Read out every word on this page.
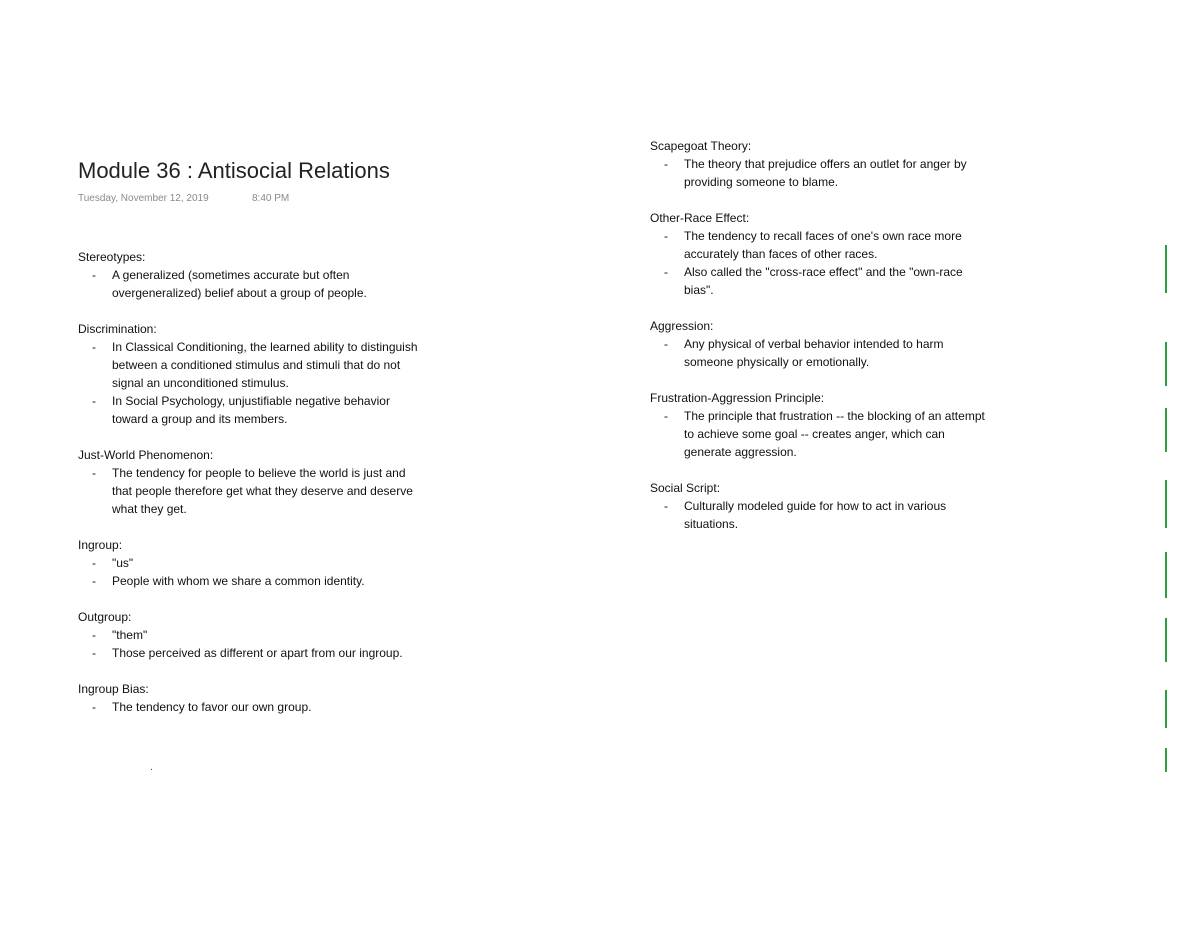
Module 36 : Antisocial Relations
Tuesday, November 12, 2019	8:40 PM
Stereotypes:
- A generalized (sometimes accurate but often overgeneralized) belief about a group of people.
Discrimination:
- In Classical Conditioning, the learned ability to distinguish between a conditioned stimulus and stimuli that do not signal an unconditioned stimulus.
- In Social Psychology, unjustifiable negative behavior toward a group and its members.
Just-World Phenomenon:
- The tendency for people to believe the world is just and that people therefore get what they deserve and deserve what they get.
Ingroup:
- "us"
- People with whom we share a common identity.
Outgroup:
- "them"
- Those perceived as different or apart from our ingroup.
Ingroup Bias:
- The tendency to favor our own group.
Scapegoat Theory:
- The theory that prejudice offers an outlet for anger by providing someone to blame.
Other-Race Effect:
- The tendency to recall faces of one's own race more accurately than faces of other races.
- Also called the "cross-race effect" and the "own-race bias".
Aggression:
- Any physical of verbal behavior intended to harm someone physically or emotionally.
Frustration-Aggression Principle:
- The principle that frustration -- the blocking of an attempt to achieve some goal -- creates anger, which can generate aggression.
Social Script:
- Culturally modeled guide for how to act in various situations.
.
